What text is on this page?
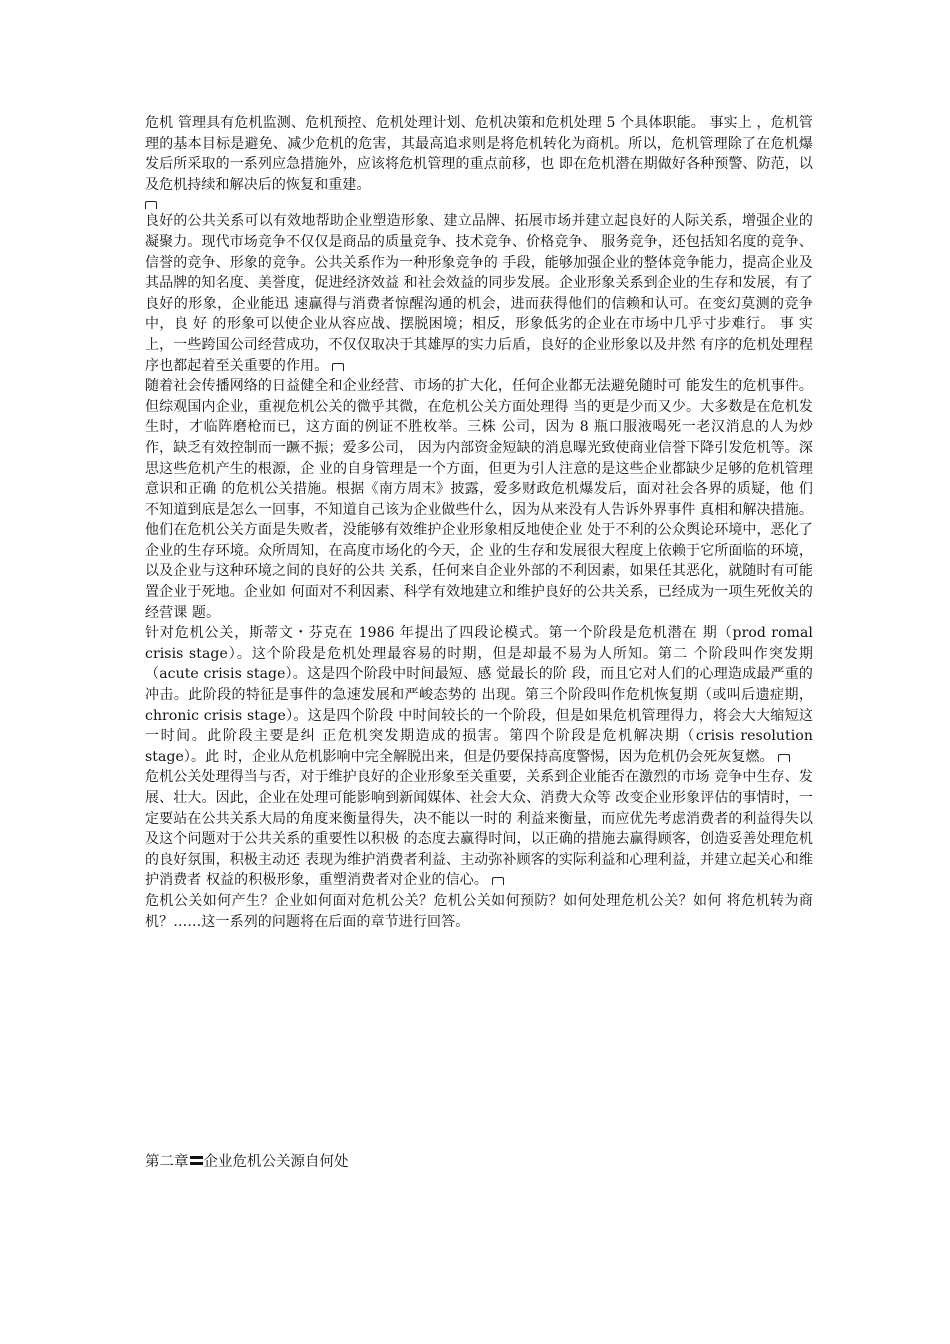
危机 管理具有危机监测、危机预控、危机处理计划、危机决策和危机处理 5 个具体职能。 事实上 ，危机管理的基本目标是避免、减少危机的危害，其最高追求则是将危机转化为商机。所以，危机管理除了在危机爆发后所采取的一系列应急措施外，应该将危机管理的重点前移，也 即在危机潜在期做好各种预警、防范，以及危机持续和解决后的恢复和重建。

良好的公共关系可以有效地帮助企业塑造形象、建立品牌、拓展市场并建立起良好的人际关系，增强企业的凝聚力。现代市场竞争不仅仅是商品的质量竞争、技术竞争、价格竞争、 服务竞争，还包括知名度的竞争、信誉的竞争、形象的竞争。公共关系作为一种形象竞争的 手段，能够加强企业的整体竞争能力，提高企业及其品牌的知名度、美誉度，促进经济效益 和社会效益的同步发展。企业形象关系到企业的生存和发展，有了良好的形象，企业能迅 速赢得与消费者惊醒沟通的机会，进而获得他们的信赖和认可。在变幻莫测的竞争中，良 好 的形象可以使企业从容应战、摆脱困境；相反，形象低劣的企业在市场中几乎寸步难行。 事 实上，一些跨国公司经营成功，不仅仅取决于其雄厚的实力后盾，良好的企业形象以及井然 有序的危机处理程序也都起着至关重要的作用。

随着社会传播网络的日益健全和企业经营、市场的扩大化，任何企业都无法避免随时可 能发生的危机事件。但综观国内企业，重视危机公关的微乎其微，在危机公关方面处理得 当的更是少而又少。大多数是在危机发生时，才临阵磨枪而已，这方面的例证不胜枚举。三株 公司，因为 8 瓶口服液喝死一老汉消息的人为炒作，缺乏有效控制而一蹶不振；爱多公司， 因为内部资金短缺的消息曝光致使商业信誉下降引发危机等。深思这些危机产生的根源，企 业的自身管理是一个方面，但更为引人注意的是这些企业都缺少足够的危机管理意识和正确 的危机公关措施。根据《南方周末》披露，爱多财政危机爆发后，面对社会各界的质疑，他 们不知道到底是怎么一回事，不知道自己该为企业做些什么，因为从来没有人告诉外界事件 真相和解决措施。他们在危机公关方面是失败者，没能够有效维护企业形象相反地使企业 处于不利的公众舆论环境中，恶化了企业的生存环境。众所周知，在高度市场化的今天，企 业的生存和发展很大程度上依赖于它所面临的环境，以及企业与这种环境之间的良好的公共 关系，任何来自企业外部的不利因素，如果任其恶化，就随时有可能置企业于死地。企业如 何面对不利因素、科学有效地建立和维护良好的公共关系，已经成为一项生死攸关的经营课 题。

针对危机公关，斯蒂文・芬克在 1986 年提出了四段论模式。第一个阶段是危机潜在 期（prod romal crisis stage）。这个阶段是危机处理最容易的时期，但是却最不易为人所知。第二 个阶段叫作突发期（acute crisis stage）。这是四个阶段中时间最短、感 觉最长的阶 段，而且它对人们的心理造成最严重的冲击。此阶段的特征是事件的急速发展和严峻态势的 出现。第三个阶段叫作危机恢复期（或叫后遗症期，chronic crisis stage）。这是四个阶段 中时间较长的一个阶段，但是如果危机管理得力，将会大大缩短这一时间。此阶段主要是纠 正危机突发期造成的损害。第四个阶段是危机解决期（crisis resolution stage）。此 时，企业从危机影响中完全解脱出来，但是仍要保持高度警惕，因为危机仍会死灰复燃。

危机公关处理得当与否，对于维护良好的企业形象至关重要，关系到企业能否在激烈的市场 竞争中生存、发展、壮大。因此，企业在处理可能影响到新闻媒体、社会大众、消费大众等 改变企业形象评估的事情时，一定要站在公共关系大局的角度来衡量得失，决不能以一时的 利益来衡量，而应优先考虑消费者的利益得失以及这个问题对于公共关系的重要性以积极 的态度去赢得时间，以正确的措施去赢得顾客，创造妥善处理危机的良好氛围，积极主动还 表现为维护消费者利益、主动弥补顾客的实际利益和心理利益，并建立起关心和维护消费者 权益的积极形象，重塑消费者对企业的信心。

危机公关如何产生？企业如何面对危机公关？危机公关如何预防？如何处理危机公关？如何 将危机转为商机？……这一系列的问题将在后面的章节进行回答。

第二章 企业危机公关源自何处
